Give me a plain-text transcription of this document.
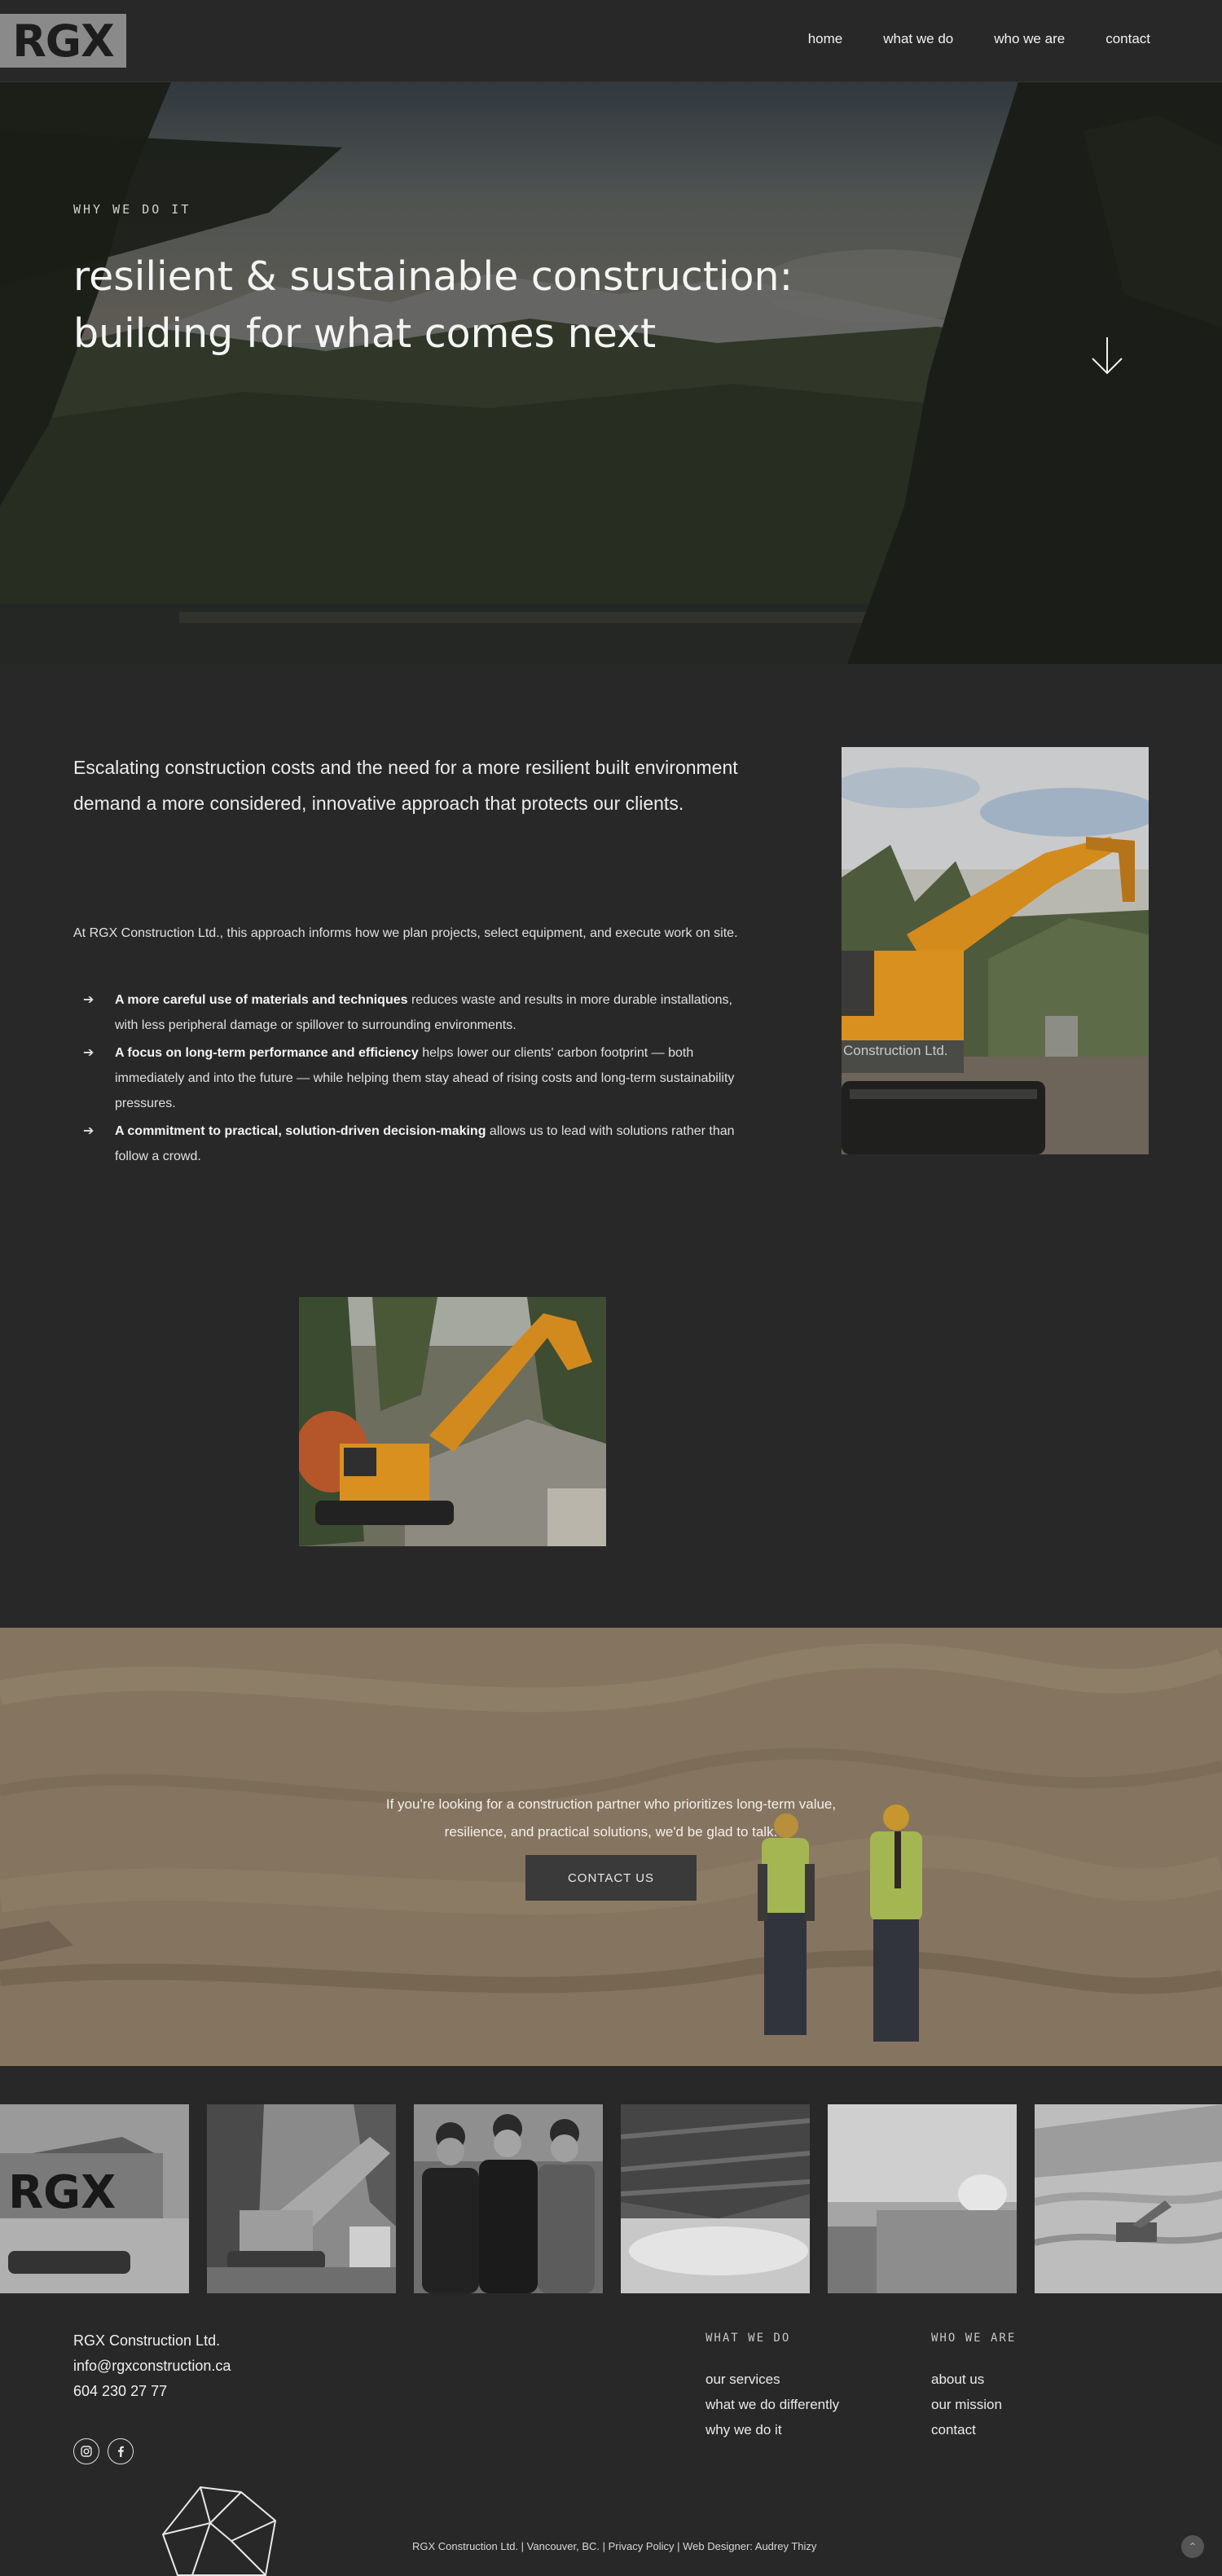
RGX	home	what we do	who we are	contact
WHY WE DO IT
resilient & sustainable construction:
building for what comes next

Escalating construction costs and the need for a more resilient built environment demand a more considered, innovative approach that protects our clients.

At RGX Construction Ltd., this approach informs how we plan projects, select equipment, and execute work on site.

➔ A more careful use of materials and techniques reduces waste and results in more durable installations, with less peripheral damage or spillover to surrounding environments.
➔ A focus on long-term performance and efficiency helps lower our clients' carbon footprint — both immediately and into the future — while helping them stay ahead of rising costs and long-term sustainability pressures.
➔ A commitment to practical, solution-driven decision-making allows us to lead with solutions rather than follow a crowd.
Construction Ltd.

If you're looking for a construction partner who prioritizes long-term value, resilience, and practical solutions, we'd be glad to talk.

CONTACT US
RGX
RGX Construction Ltd.
info@rgxconstruction.ca
604 230 27 77
WHAT WE DO
our services
what we do differently
why we do it
WHO WE ARE
about us
our mission
contact
RGX Construction Ltd. | Vancouver, BC. | Privacy Policy | Web Designer: Audrey Thizy	⌃
